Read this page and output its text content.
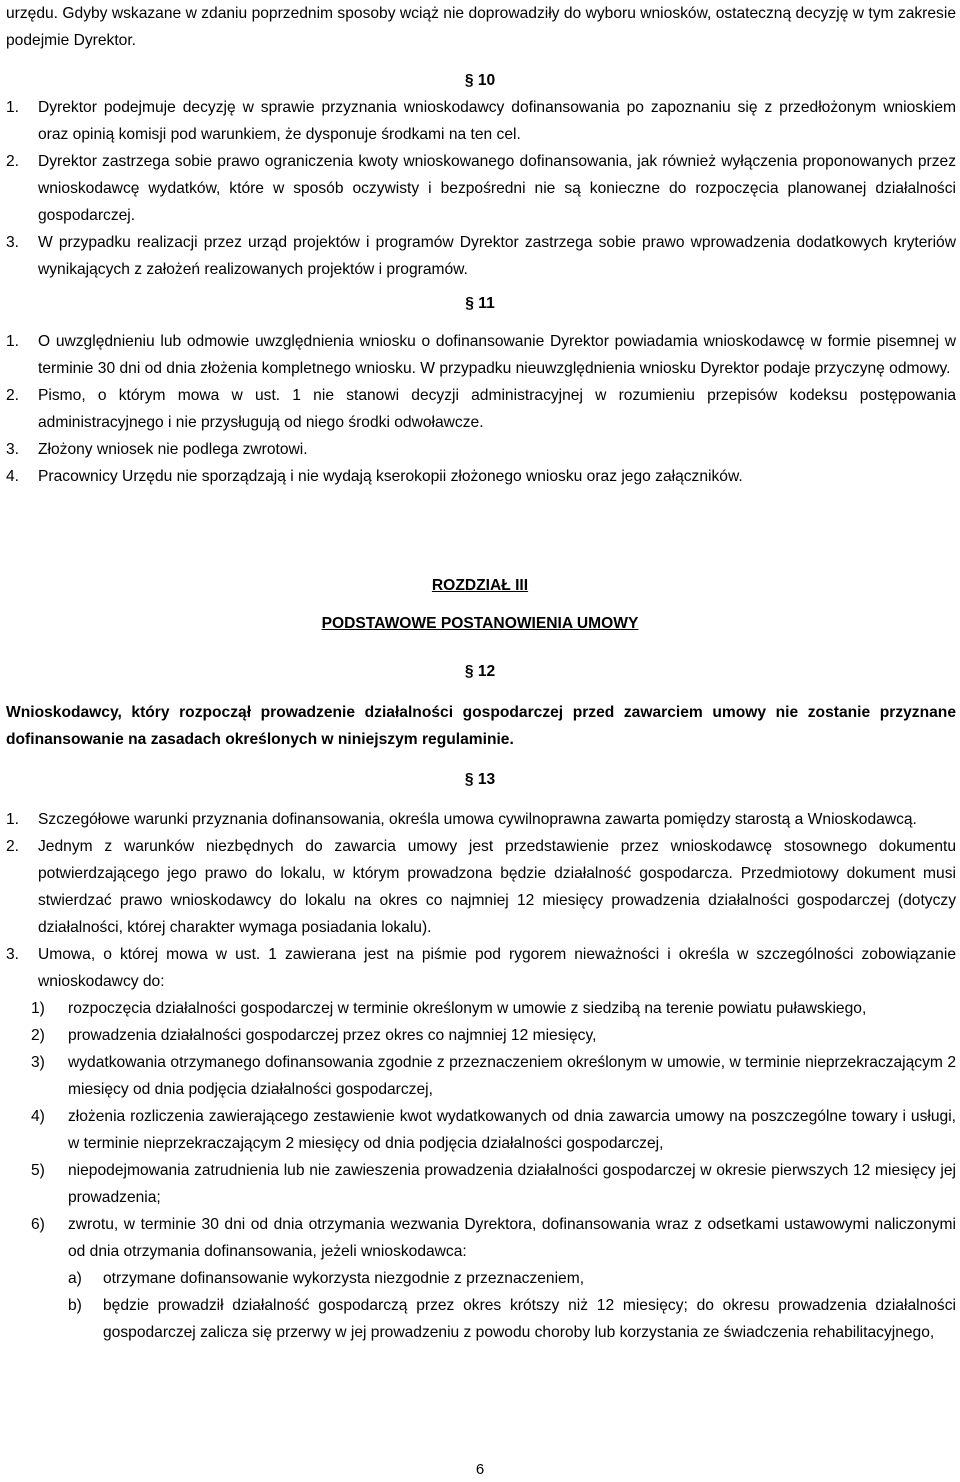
urzędu. Gdyby wskazane w zdaniu poprzednim sposoby wciąż nie doprowadziły do wyboru wniosków, ostateczną decyzję w tym zakresie podejmie Dyrektor.
§ 10
1.	Dyrektor podejmuje decyzję w sprawie przyznania wnioskodawcy dofinansowania po zapoznaniu się z przedłożonym wnioskiem oraz opinią komisji pod warunkiem, że dysponuje środkami na ten cel.
2.	Dyrektor zastrzega sobie prawo ograniczenia kwoty wnioskowanego dofinansowania, jak również wyłączenia proponowanych przez wnioskodawcę wydatków, które w sposób oczywisty i bezpośredni nie są konieczne do rozpoczęcia planowanej działalności gospodarczej.
3.	W przypadku realizacji przez urząd projektów i programów Dyrektor zastrzega sobie prawo wprowadzenia dodatkowych kryteriów wynikających z założeń realizowanych projektów i programów.
§ 11
1.	O uwzględnieniu lub odmowie uwzględnienia wniosku o dofinansowanie Dyrektor powiadamia wnioskodawcę w formie pisemnej w terminie 30 dni od dnia złożenia kompletnego wniosku. W przypadku nieuwzględnienia wniosku Dyrektor podaje przyczynę odmowy.
2.	Pismo, o którym mowa w ust. 1 nie stanowi decyzji administracyjnej w rozumieniu przepisów kodeksu postępowania administracyjnego i nie przysługują od niego środki odwoławcze.
3.	Złożony wniosek nie podlega zwrotowi.
4.	Pracownicy Urzędu nie sporządzają i nie wydają kserokopii złożonego wniosku oraz jego załączników.
ROZDZIAŁ III
PODSTAWOWE POSTANOWIENIA UMOWY
§ 12
Wnioskodawcy, który rozpoczął prowadzenie działalności gospodarczej przed zawarciem umowy nie zostanie przyznane dofinansowanie na zasadach określonych w niniejszym regulaminie.
§ 13
1.	Szczegółowe warunki przyznania dofinansowania, określa umowa cywilnoprawna zawarta pomiędzy starostą a Wnioskodawcą.
2.	Jednym z warunków niezbędnych do zawarcia umowy jest przedstawienie przez wnioskodawcę stosownego dokumentu potwierdzającego jego prawo do lokalu, w którym prowadzona będzie działalność gospodarcza. Przedmiotowy dokument musi stwierdzać prawo wnioskodawcy do lokalu na okres co najmniej 12 miesięcy prowadzenia działalności gospodarczej (dotyczy działalności, której charakter wymaga posiadania lokalu).
3.	Umowa, o której mowa w ust. 1 zawierana jest na piśmie pod rygorem nieważności i określa w szczególności zobowiązanie wnioskodawcy do:
1)	rozpoczęcia działalności gospodarczej w terminie określonym w umowie z siedzibą na terenie powiatu puławskiego,
2)	prowadzenia działalności gospodarczej przez okres co najmniej 12 miesięcy,
3)	wydatkowania otrzymanego dofinansowania zgodnie z przeznaczeniem określonym w umowie, w terminie nieprzekraczającym 2 miesięcy od dnia podjęcia działalności gospodarczej,
4)	złożenia rozliczenia zawierającego zestawienie kwot wydatkowanych od dnia zawarcia umowy na poszczególne towary i usługi, w terminie nieprzekraczającym 2 miesięcy od dnia podjęcia działalności gospodarczej,
5)	niepodejmowania zatrudnienia lub nie zawieszenia prowadzenia działalności gospodarczej w okresie pierwszych 12 miesięcy jej prowadzenia;
6)	zwrotu, w terminie 30 dni od dnia otrzymania wezwania Dyrektora, dofinansowania wraz z odsetkami ustawowymi naliczonymi od dnia otrzymania dofinansowania, jeżeli wnioskodawca:
a)	otrzymane dofinansowanie wykorzysta niezgodnie z przeznaczeniem,
b)	będzie prowadził działalność gospodarczą przez okres krótszy niż 12 miesięcy; do okresu prowadzenia działalności gospodarczej zalicza się przerwy w jej prowadzeniu z powodu choroby lub korzystania ze świadczenia rehabilitacyjnego,
6
